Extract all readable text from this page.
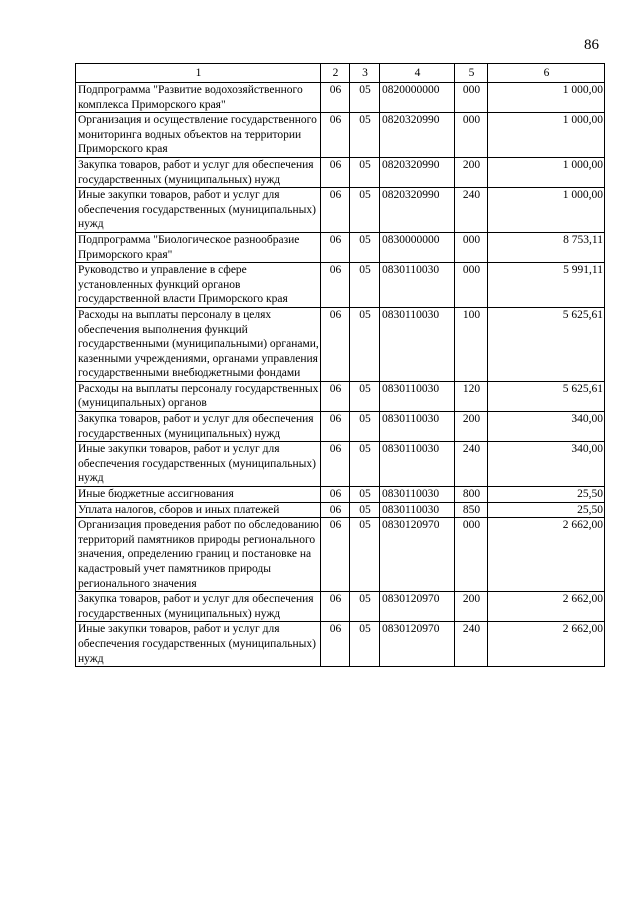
86
1	2	3	4	5	6
Подпрограмма "Развитие водохозяйственного комплекса Приморского края"	06	05	0820000000	000	1 000,00
Организация и осуществление государственного мониторинга водных объектов на территории Приморского края	06	05	0820320990	000	1 000,00
Закупка товаров, работ и услуг для обеспечения государственных (муниципальных) нужд	06	05	0820320990	200	1 000,00
Иные закупки товаров, работ и услуг для обеспечения государственных (муниципальных) нужд	06	05	0820320990	240	1 000,00
Подпрограмма "Биологическое разнообразие Приморского края"	06	05	0830000000	000	8 753,11
Руководство и управление в сфере установленных функций органов государственной власти Приморского края	06	05	0830110030	000	5 991,11
Расходы на выплаты персоналу в целях обеспечения выполнения функций государственными (муниципальными) органами, казенными учреждениями, органами управления государственными внебюджетными фондами	06	05	0830110030	100	5 625,61
Расходы на выплаты персоналу государственных (муниципальных) органов	06	05	0830110030	120	5 625,61
Закупка товаров, работ и услуг для обеспечения государственных (муниципальных) нужд	06	05	0830110030	200	340,00
Иные закупки товаров, работ и услуг для обеспечения государственных (муниципальных) нужд	06	05	0830110030	240	340,00
Иные бюджетные ассигнования	06	05	0830110030	800	25,50
Уплата налогов, сборов и иных платежей	06	05	0830110030	850	25,50
Организация проведения работ по обследованию территорий памятников природы регионального значения, определению границ и постановке на кадастровый учет памятников природы регионального значения	06	05	0830120970	000	2 662,00
Закупка товаров, работ и услуг для обеспечения государственных (муниципальных) нужд	06	05	0830120970	200	2 662,00
Иные закупки товаров, работ и услуг для обеспечения государственных (муниципальных) нужд	06	05	0830120970	240	2 662,00
